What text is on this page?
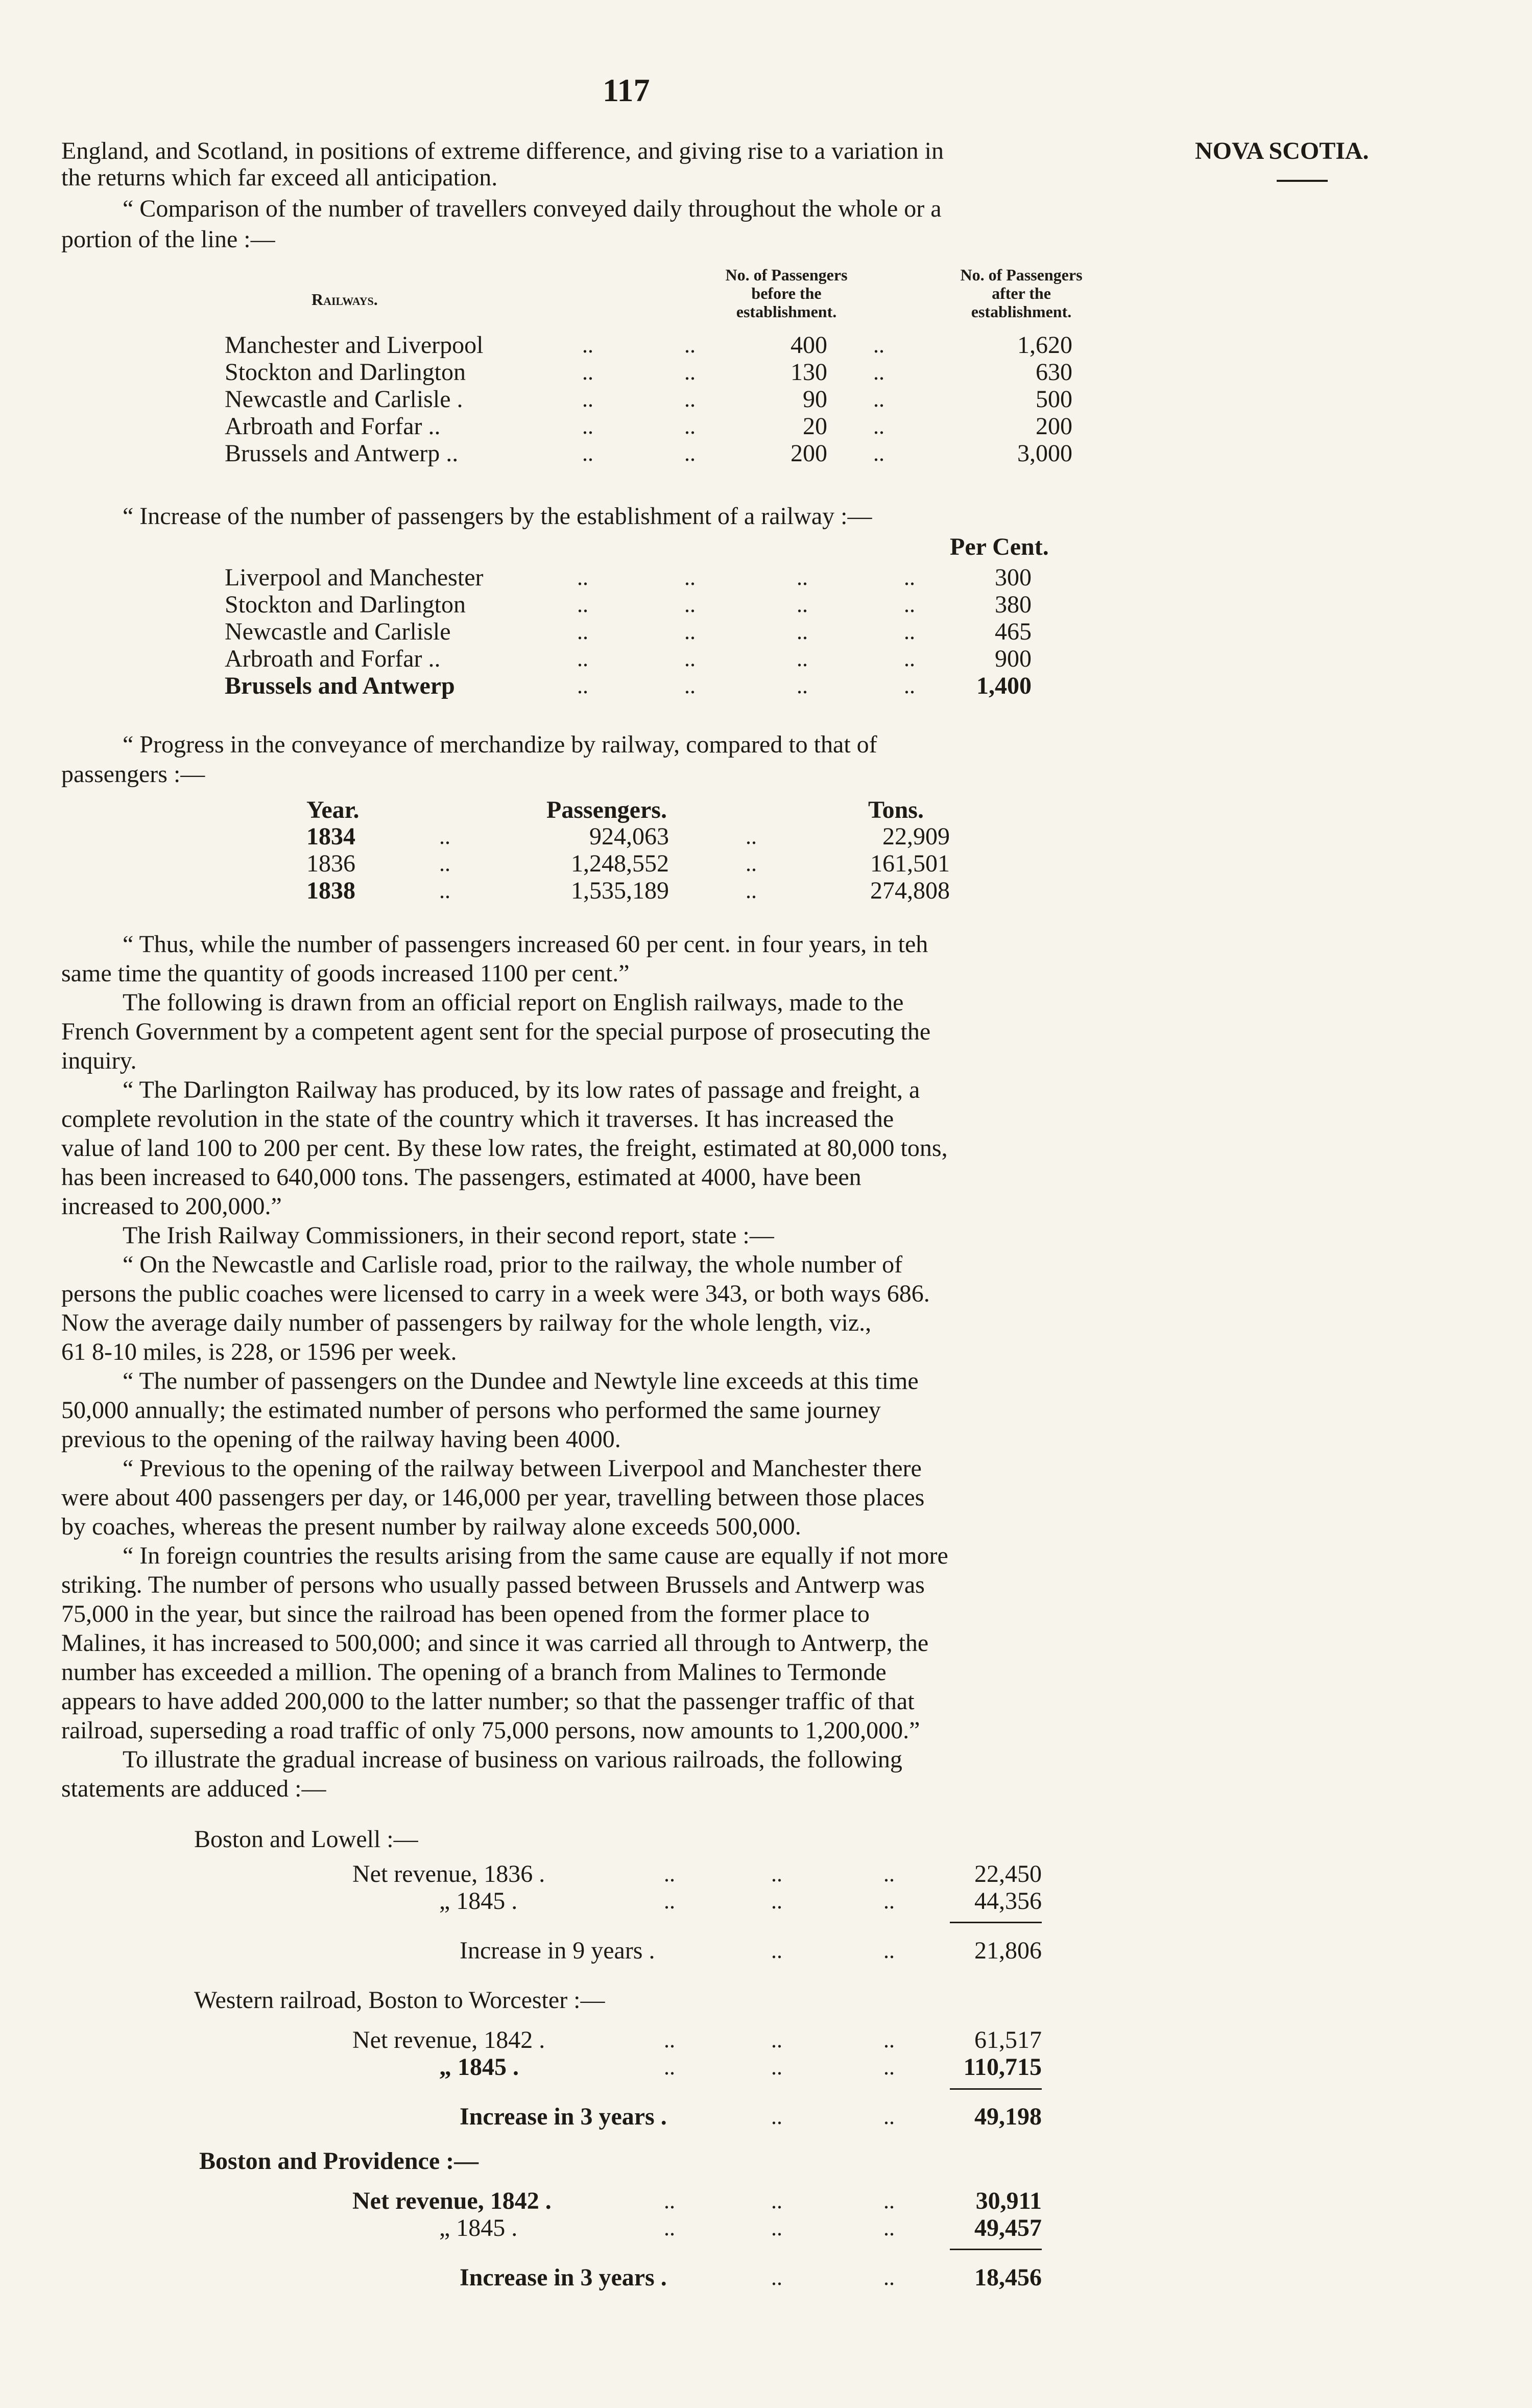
117
England, and Scotland, in positions of extreme difference, and giving rise to a variation in	NOVA SCOTIA.
the returns which far exceed all anticipation.
“ Comparison of the number of travellers conveyed daily throughout the whole or a
portion of the line :—
Railways.
No. of Passengers
before the
establishment.
No. of Passengers
after the
establishment.
Manchester and Liverpool	..	..	400 ..	1,620
Stockton and Darlington	..	..	130 ..	630
Newcastle and Carlisle .	..	..	90 ..	500
Arbroath and Forfar ..	..	..	20 ..	200
Brussels and Antwerp ..	..	..	200 ..	3,000
“ Increase of the number of passengers by the establishment of a railway :—
Per Cent.
Liverpool and Manchester	..	..	..	..	300
Stockton and Darlington	..	..	..	..	380
Newcastle and Carlisle	..	..	..	..	465
Arbroath and Forfar ..	..	..	..	..	900
Brussels and Antwerp	..	..	..	..	1,400
“ Progress in the conveyance of merchandize by railway, compared to that of
passengers :—
Year.	Passengers.	Tons.
1834	..	924,063	..	22,909
1836	..	1,248,552	..	161,501
1838	..	1,535,189	..	274,808
“ Thus, while the number of passengers increased 60 per cent. in four years, in teh
same time the quantity of goods increased 1100 per cent.”
The following is drawn from an official report on English railways, made to the
French Government by a competent agent sent for the special purpose of prosecuting the
inquiry.
“ The Darlington Railway has produced, by its low rates of passage and freight, a
complete revolution in the state of the country which it traverses. It has increased the
value of land 100 to 200 per cent. By these low rates, the freight, estimated at 80,000 tons,
has been increased to 640,000 tons. The passengers, estimated at 4000, have been
increased to 200,000.”
The Irish Railway Commissioners, in their second report, state :—
“ On the Newcastle and Carlisle road, prior to the railway, the whole number of
persons the public coaches were licensed to carry in a week were 343, or both ways 686.
Now the average daily number of passengers by railway for the whole length, viz.,
61 8-10 miles, is 228, or 1596 per week.
“ The number of passengers on the Dundee and Newtyle line exceeds at this time
50,000 annually; the estimated number of persons who performed the same journey
previous to the opening of the railway having been 4000.
“ Previous to the opening of the railway between Liverpool and Manchester there
were about 400 passengers per day, or 146,000 per year, travelling between those places
by coaches, whereas the present number by railway alone exceeds 500,000.
“ In foreign countries the results arising from the same cause are equally if not more
striking. The number of persons who usually passed between Brussels and Antwerp was
75,000 in the year, but since the railroad has been opened from the former place to
Malines, it has increased to 500,000; and since it was carried all through to Antwerp, the
number has exceeded a million. The opening of a branch from Malines to Termonde
appears to have added 200,000 to the latter number; so that the passenger traffic of that
railroad, superseding a road traffic of only 75,000 persons, now amounts to 1,200,000.”
To illustrate the gradual increase of business on various railroads, the following
statements are adduced :—
Boston and Lowell :—
Net revenue, 1836 .	..	..	..	22,450
„ 1845 .	..	..	..	44,356
Increase in 9 years .	..	..	21,806
Western railroad, Boston to Worcester :—
Net revenue, 1842 .	..	..	..	61,517
„ 1845 .	..	..	..	110,715
Increase in 3 years .	..	..	49,198
Boston and Providence :—
Net revenue, 1842 .	..	..	..	30,911
„ 1845 .	..	..	..	49,457
Increase in 3 years .	..	..	18,456
